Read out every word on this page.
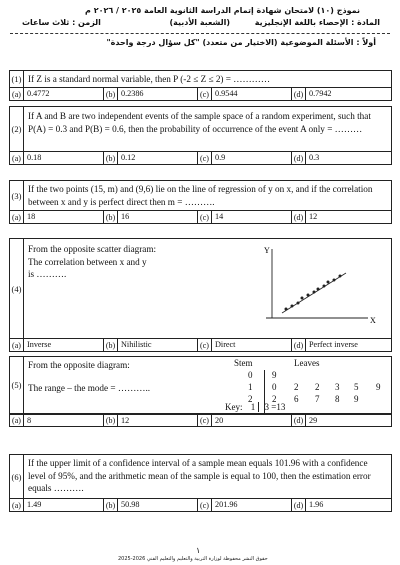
نموذج (١٠) لامتحان شهادة إتمام الدراسة الثانوية العامة ٢٠٢٥ / ٢٠٢٦ م
المادة : الإحصاء باللغة الإنجليزية
(الشعبة الأدبية)
الزمن : ثلاث ساعات
أولاً : الأسئلة الموضوعية (الاختيار من متعدد) "كل سؤال درجة واحدة"
(1) If Z is a standard normal variable, then P (-2 ≤ Z ≤ 2) = …………
(a) 0.4772	(b) 0.2386	(c) 0.9544	(d) 0.7942
(2)
If A and B are two independent events of the sample space of a random experiment, such that P(A) = 0.3 and P(B) = 0.6, then the probability of occurrence of the event A only = ………
(a) 0.18	(b) 0.12	(c) 0.9	(d) 0.3
(3)
If the two points (15, m) and (9,6) lie on the line of regression of y on x, and if the correlation between x and y is perfect direct then m = ……….
(a) 18	(b) 16	(c) 14	(d) 12
(4)
From the opposite scatter diagram:
The correlation between x and y
is ……….
Y
X
(a) Inverse	(b) Nihilistic	(c) Direct	(d) Perfect inverse
(5)
From the opposite diagram:
The range – the mode = ………..
Stem	Leaves
0 9
1 0 2 2 3 5 9
2 2 6 7 8 9
Key: 1 3 =13
(a) 8	(b) 12	(c) 20	(d) 29
(6)
If the upper limit of a confidence interval of a sample mean equals 101.96 with a confidence level of 95%, and the arithmetic mean of the sample is equal to 100, then the estimation error equals ……….
(a) 1.49	(b) 50.98	(c) 201.96	(d) 1.96
١
حقوق النشر محفوظة لوزارة التربية والتعليم والتعليم الفني 2026-2025
